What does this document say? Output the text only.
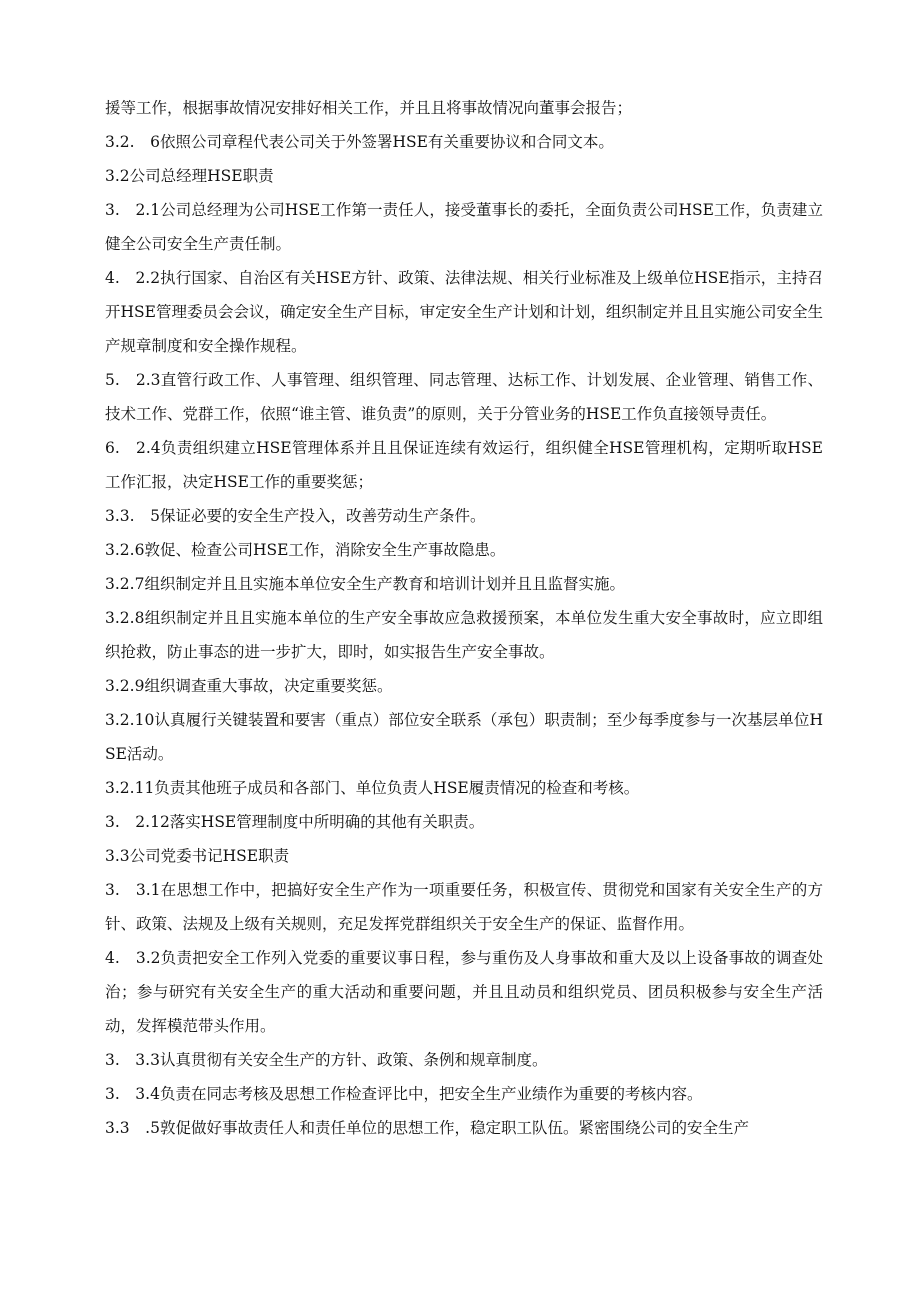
援等工作，根据事故情况安排好相关工作，并且且将事故情况向董事会报告；

3.2.　6依照公司章程代表公司关于外签署HSE有关重要协议和合同文本。

3.2公司总经理HSE职责

3.　2.1公司总经理为公司HSE工作第一责任人，接受董事长的委托，全面负责公司HSE工作，负责建立健全公司安全生产责任制。

4.　2.2执行国家、自治区有关HSE方针、政策、法律法规、相关行业标准及上级单位HSE指示，主持召开HSE管理委员会会议，确定安全生产目标，审定安全生产计划和计划，组织制定并且且实施公司安全生产规章制度和安全操作规程。

5.　2.3直管行政工作、人事管理、组织管理、同志管理、达标工作、计划发展、企业管理、销售工作、技术工作、党群工作，依照“谁主管、谁负责”的原则，关于分管业务的HSE工作负直接领导责任。

6.　2.4负责组织建立HSE管理体系并且且保证连续有效运行，组织健全HSE管理机构，定期听取HSE工作汇报，决定HSE工作的重要奖惩；

3.3.　5保证必要的安全生产投入，改善劳动生产条件。

3.2.6敦促、检查公司HSE工作，消除安全生产事故隐患。

3.2.7组织制定并且且实施本单位安全生产教育和培训计划并且且监督实施。

3.2.8组织制定并且且实施本单位的生产安全事故应急救援预案，本单位发生重大安全事故时，应立即组织抢救，防止事态的进一步扩大，即时，如实报告生产安全事故。

3.2.9组织调查重大事故，决定重要奖惩。

3.2.10认真履行关键装置和要害（重点）部位安全联系（承包）职责制；至少每季度参与一次基层单位HSE活动。

3.2.11负责其他班子成员和各部门、单位负责人HSE履责情况的检查和考核。

3.　2.12落实HSE管理制度中所明确的其他有关职责。

3.3公司党委书记HSE职责

3.　3.1在思想工作中，把搞好安全生产作为一项重要任务，积极宣传、贯彻党和国家有关安全生产的方针、政策、法规及上级有关规则，充足发挥党群组织关于安全生产的保证、监督作用。

4.　3.2负责把安全工作列入党委的重要议事日程，参与重伤及人身事故和重大及以上设备事故的调查处治；参与研究有关安全生产的重大活动和重要问题，并且且动员和组织党员、团员积极参与安全生产活动，发挥模范带头作用。

3.　3.3认真贯彻有关安全生产的方针、政策、条例和规章制度。

3.　3.4负责在同志考核及思想工作检查评比中，把安全生产业绩作为重要的考核内容。

3.3　.5敦促做好事故责任人和责任单位的思想工作，稳定职工队伍。紧密围绕公司的安全生产
